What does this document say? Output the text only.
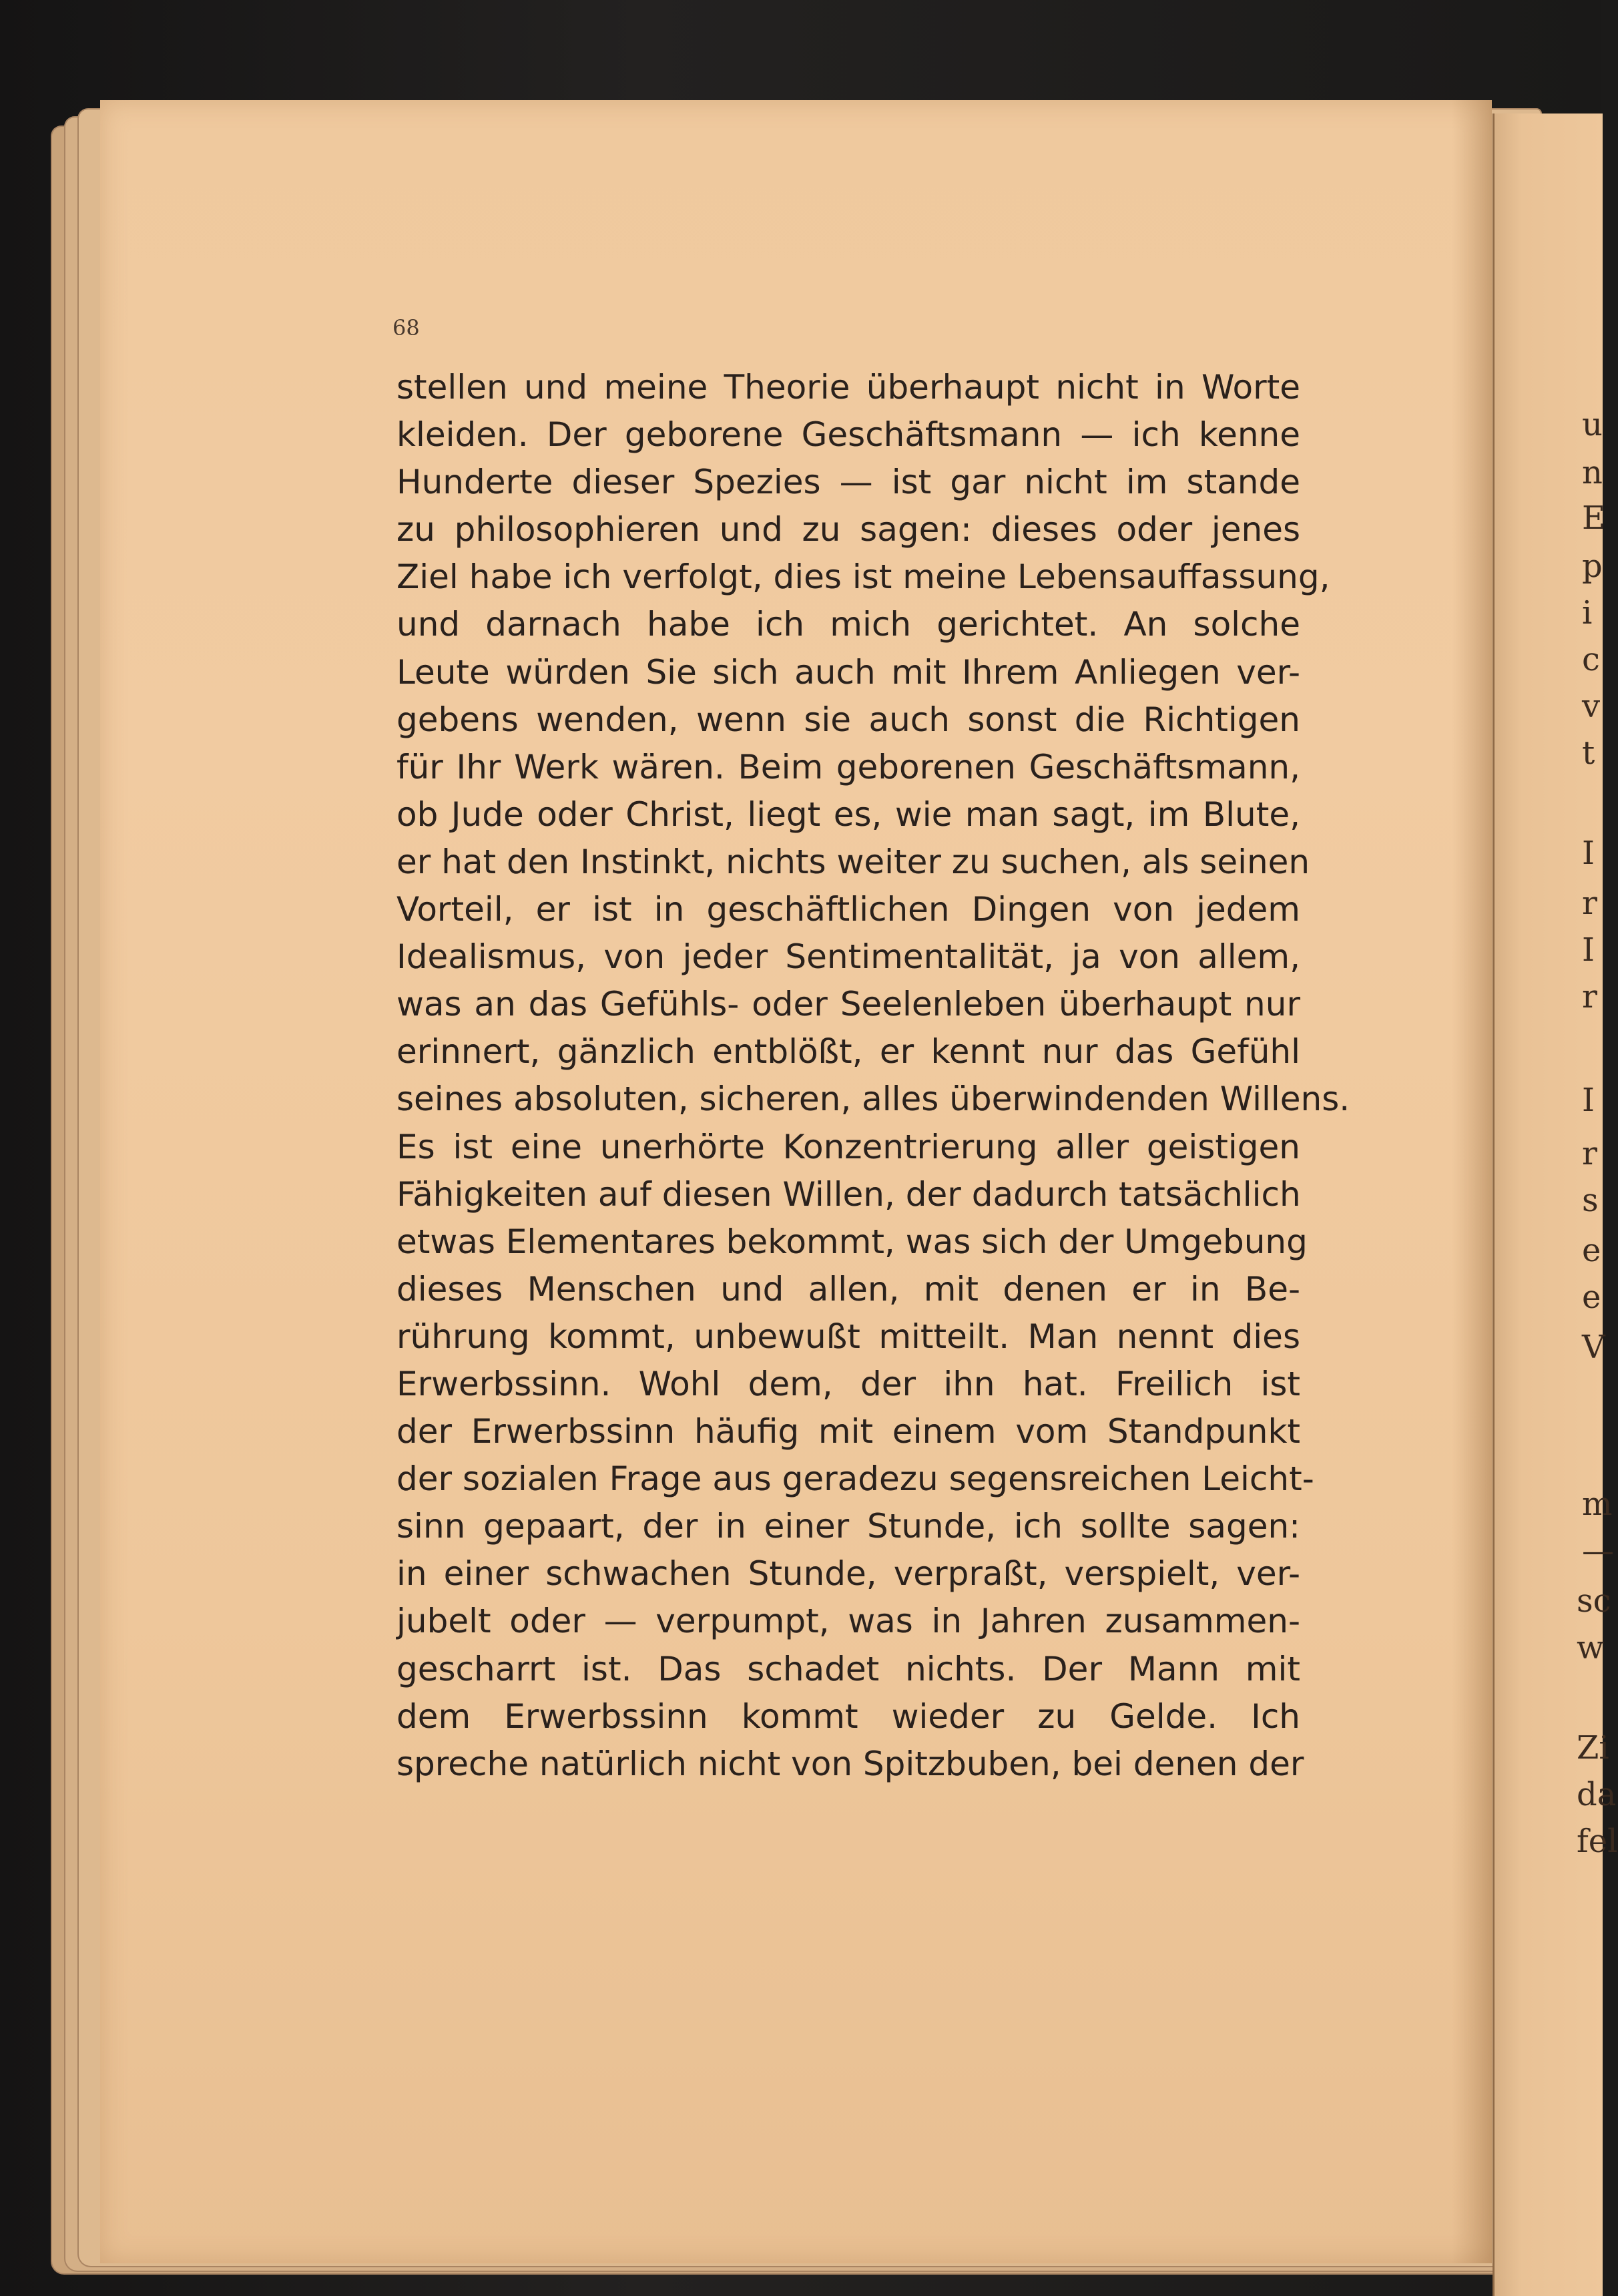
68
stellen und meine Theorie überhaupt nicht in Worte
kleiden. Der geborene Geschäftsmann — ich kenne
Hunderte dieser Spezies — ist gar nicht im stande
zu philosophieren und zu sagen: dieses oder jenes
Ziel habe ich verfolgt, dies ist meine Lebensauffassung,
und darnach habe ich mich gerichtet. An solche
Leute würden Sie sich auch mit Ihrem Anliegen ver-
gebens wenden, wenn sie auch sonst die Richtigen
für Ihr Werk wären. Beim geborenen Geschäftsmann,
ob Jude oder Christ, liegt es, wie man sagt, im Blute,
er hat den Instinkt, nichts weiter zu suchen, als seinen
Vorteil, er ist in geschäftlichen Dingen von jedem
Idealismus, von jeder Sentimentalität, ja von allem,
was an das Gefühls- oder Seelenleben überhaupt nur
erinnert, gänzlich entblößt, er kennt nur das Gefühl
seines absoluten, sicheren, alles überwindenden Willens.
Es ist eine unerhörte Konzentrierung aller geistigen
Fähigkeiten auf diesen Willen, der dadurch tatsächlich
etwas Elementares bekommt, was sich der Umgebung
dieses Menschen und allen, mit denen er in Be-
rührung kommt, unbewußt mitteilt. Man nennt dies
Erwerbssinn. Wohl dem, der ihn hat. Freilich ist
der Erwerbssinn häufig mit einem vom Standpunkt
der sozialen Frage aus geradezu segensreichen Leicht-
sinn gepaart, der in einer Stunde, ich sollte sagen:
in einer schwachen Stunde, verpraßt, verspielt, ver-
jubelt oder — verpumpt, was in Jahren zusammen-
gescharrt ist. Das schadet nichts. Der Mann mit
dem Erwerbssinn kommt wieder zu Gelde. Ich
spreche natürlich nicht von Spitzbuben, bei denen der
u
n
E
p
i
c
v
t
I
r
I
r
I
r
s
e
e
V
m
—
sc
w
Zi
da
fel
